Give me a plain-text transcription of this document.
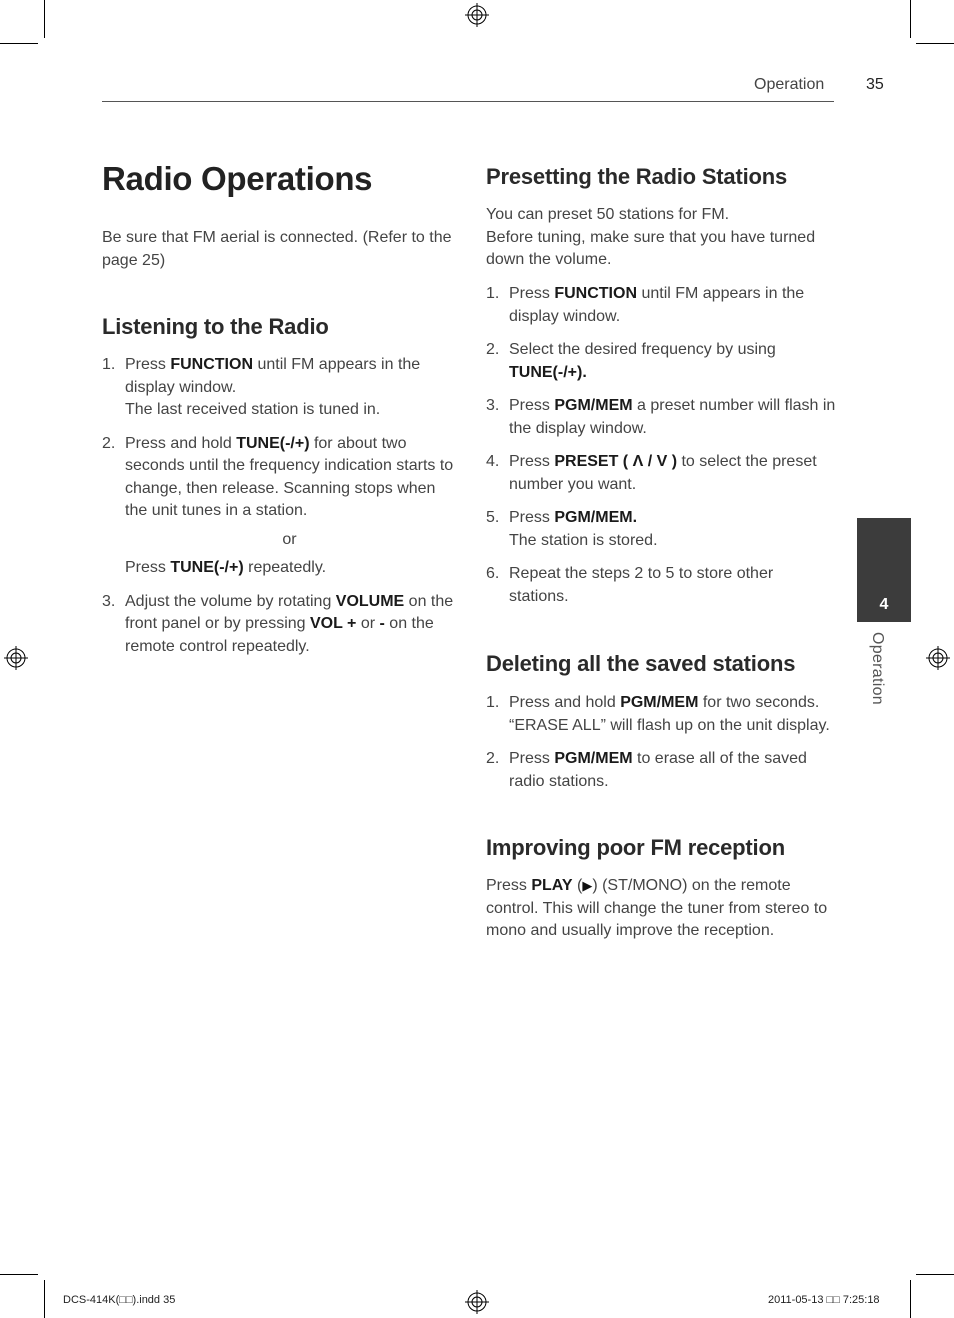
Operation	35
Radio Operations
Be sure that FM aerial is connected. (Refer to the page 25)
Listening to the Radio
1. Press FUNCTION until FM appears in the display window.
The last received station is tuned in.
2. Press and hold TUNE(-/+) for about two seconds until the frequency indication starts to change, then release. Scanning stops when the unit tunes in a station.
or
Press TUNE(-/+) repeatedly.
3. Adjust the volume by rotating VOLUME on the front panel or by pressing VOL + or - on the remote control repeatedly.
Presetting the Radio Stations
You can preset 50 stations for FM.
Before tuning, make sure that you have turned down the volume.
1. Press FUNCTION until FM appears in the display window.
2. Select the desired frequency by using TUNE(-/+).
3. Press PGM/MEM a preset number will flash in the display window.
4. Press PRESET ( Λ / V ) to select the preset number you want.
5. Press PGM/MEM.
The station is stored.
6. Repeat the steps 2 to 5 to store other stations.
Deleting all the saved stations
1. Press and hold PGM/MEM for two seconds. “ERASE ALL” will flash up on the unit display.
2. Press PGM/MEM to erase all of the saved radio stations.
Improving poor FM reception
Press PLAY (▶) (ST/MONO) on the remote control. This will change the tuner from stereo to mono and usually improve the reception.
4
Operation
DCS-414K(□□).indd 35	2011-05-13 □□ 7:25:18
